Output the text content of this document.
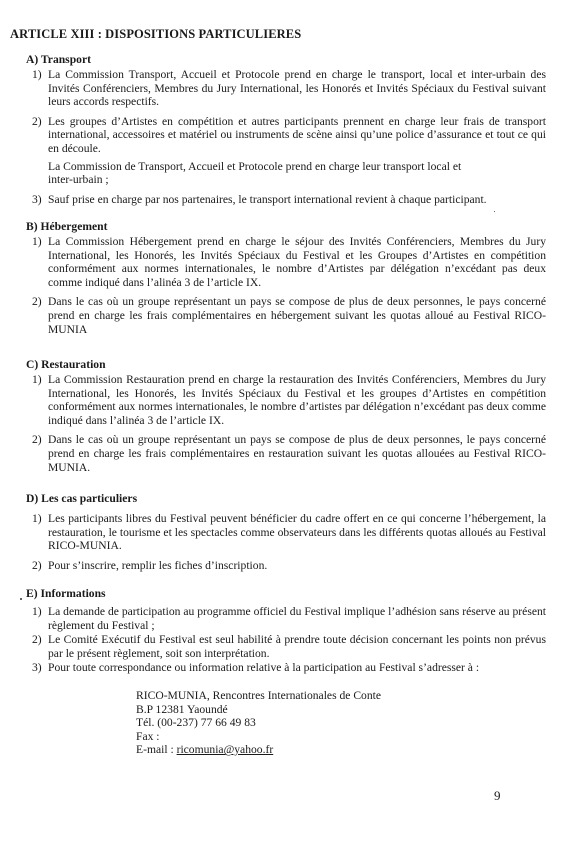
ARTICLE XIII : DISPOSITIONS PARTICULIERES
A) Transport
1) La Commission Transport, Accueil et Protocole prend en charge le transport, local et inter-urbain des Invités Conférenciers, Membres du Jury International, les Honorés et Invités Spéciaux du Festival suivant leurs accords respectifs.
2) Les groupes d’Artistes en compétition et autres participants prennent en charge leur frais de transport international, accessoires et matériel ou instruments de scène ainsi qu’une police d’assurance et tout ce qui en découle.
La Commission de Transport, Accueil et Protocole prend en charge leur transport local et inter-urbain ;
3) Sauf prise en charge par nos partenaires, le transport international revient à chaque participant.
B) Hébergement
1) La Commission Hébergement prend en charge le séjour des Invités Conférenciers, Membres du Jury International, les Honorés, les Invités Spéciaux du Festival et les Groupes d’Artistes en compétition conformément aux normes internationales, le nombre d’Artistes par délégation n’excédant pas deux comme indiqué dans l’alinéa 3 de l’article IX.
2) Dans le cas où un groupe représentant un pays se compose de plus de deux personnes, le pays concerné prend en charge les frais complémentaires en hébergement suivant les quotas alloué au Festival RICO-MUNIA
C) Restauration
1) La Commission Restauration prend en charge la restauration des Invités Conférenciers, Membres du Jury International, les Honorés, les Invités Spéciaux du Festival et les groupes d’Artistes en compétition conformément aux normes internationales, le nombre d’artistes par délégation n’excédant pas deux comme indiqué dans l’alinéa 3 de l’article IX.
2) Dans le cas où un groupe représentant un pays se compose de plus de deux personnes, le pays concerné prend en charge les frais complémentaires en restauration suivant les quotas allouées au Festival RICO-MUNIA.
D) Les cas particuliers
1) Les participants libres du Festival peuvent bénéficier du cadre offert en ce qui concerne l’hébergement, la restauration, le tourisme et les spectacles comme observateurs dans les différents quotas alloués au Festival RICO-MUNIA.
2) Pour s’inscrire, remplir les fiches d’inscription.
E) Informations
1) La demande de participation au programme officiel du Festival implique l’adhésion sans réserve au présent règlement du Festival ;
2) Le Comité Exécutif du Festival est seul habilité à prendre toute décision concernant les points non prévus par le présent règlement, soit son interprétation.
3) Pour toute correspondance ou information relative à la participation au Festival s’adresser à :
RICO-MUNIA, Rencontres Internationales de Conte
B.P 12381 Yaoundé
Tél. (00-237) 77 66 49 83
Fax :
E-mail : ricomunia@yahoo.fr
9
